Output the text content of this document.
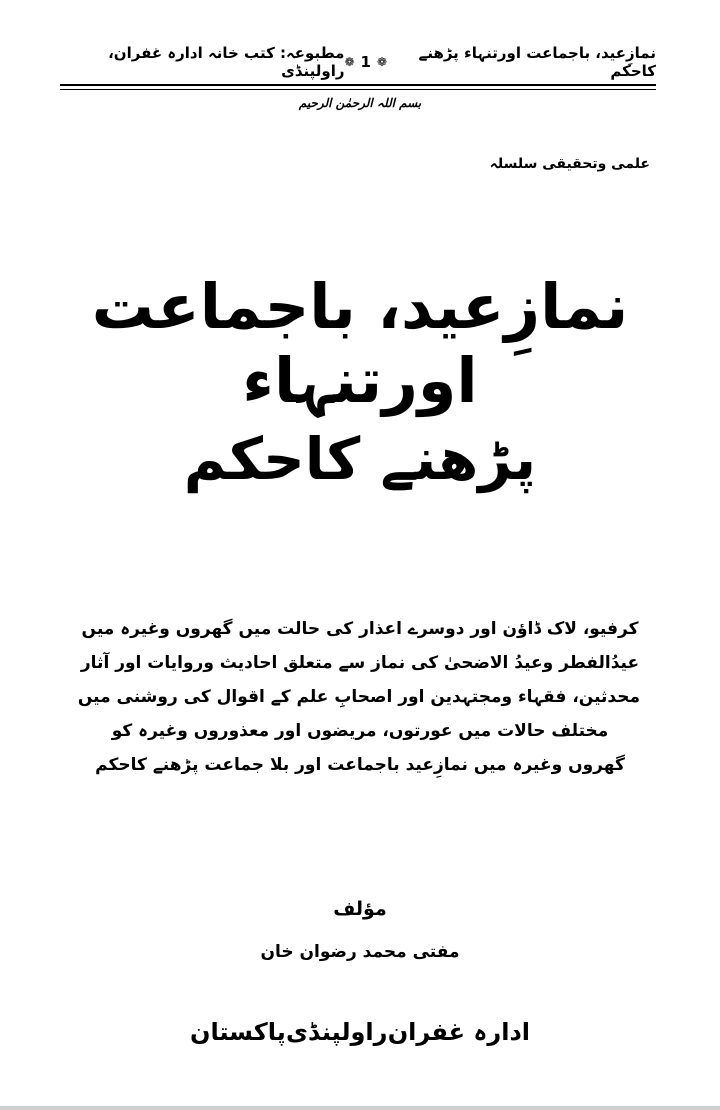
نمازِعید، باجماعت اورتنہاء پڑھنے کاحکم
❁
1
❁
مطبوعہ: کتب خانہ ادارہ غفران، راولپنڈی
بسم اللہ الرحمٰن الرحیم
علمی وتحقیقی سلسلہ
نمازِعید، باجماعت اورتنہاء
پڑھنے کاحکم
کرفیو، لاک ڈاؤن اور دوسرے اعذار کی حالت میں گھروں وغیرہ میں
عیدُالفطر وعیدُ الاضحیٰ کی نماز سے متعلق احادیث وروایات اور آثار
محدثین، فقہاء ومجتہدین اور اصحابِ علم کے اقوال کی روشنی میں
مختلف حالات میں عورتوں، مریضوں اور معذوروں وغیرہ کو
گھروں وغیرہ میں نمازِعید باجماعت اور بلا جماعت پڑھنے کاحکم
مؤلف
مفتی محمد رضوان خان
ادارہ غفران
راولپنڈی
پاکستان
